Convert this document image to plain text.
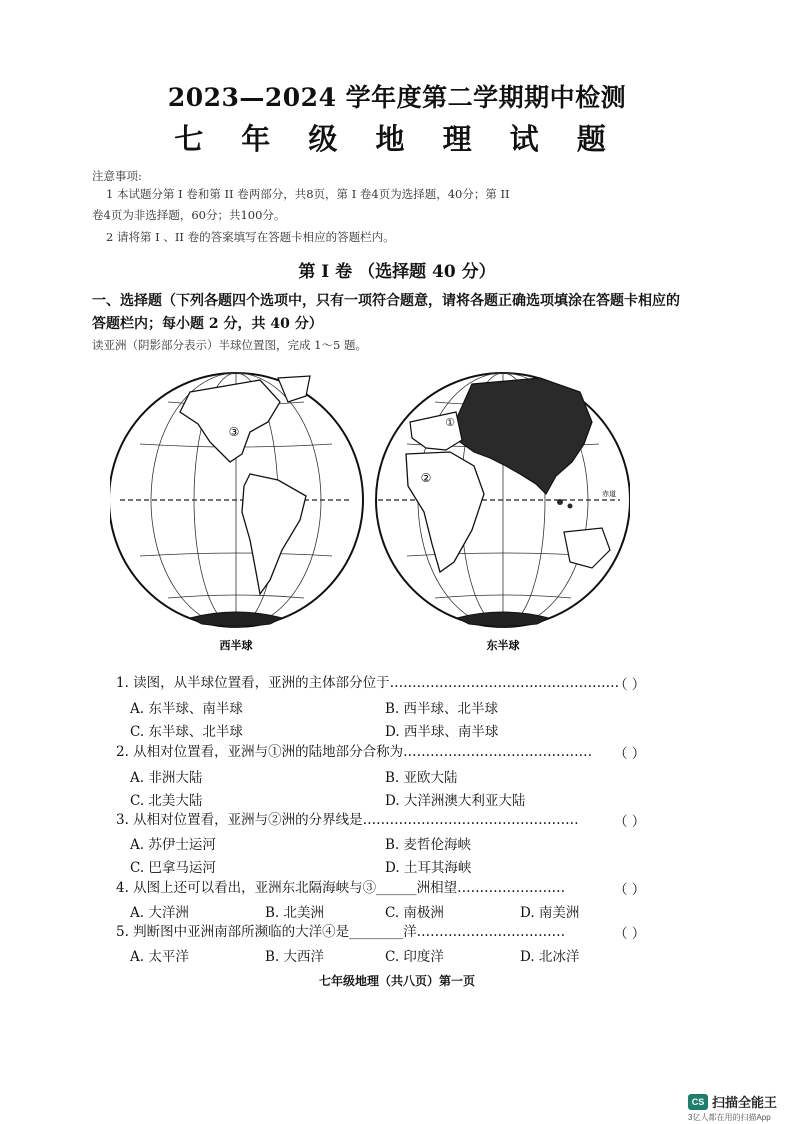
2023—2024 学年度第二学期期中检测
七 年 级 地 理 试 题
注意事项:
1 本试题分第 I 卷和第 II 卷两部分，共8页，第 I 卷4页为选择题，40分；第 II
卷4页为非选择题，60分；共100分。
2 请将第 I 、II 卷的答案填写在答题卡相应的答题栏内。
第 I 卷 （选择题 40 分）
一、选择题（下列各题四个选项中，只有一项符合题意，请将各题正确选项填涂在答题卡相应的答题栏内；每小题 2 分，共 40 分）
读亚洲（阴影部分表示）半球位置图，完成 1～5 题。
③
西半球
②
①
④
北回归线
赤道
东半球
1. 读图，从半球位置看，亚洲的主体部分位于……………………………………………
（ ）
A. 东半球、南半球	B. 西半球、北半球
C. 东半球、北半球	D. 西半球、南半球
2. 从相对位置看，亚洲与①洲的陆地部分合称为…………………………………… （ ）
A. 非洲大陆	B. 亚欧大陆
C. 北美大陆	D. 大洋洲澳大利亚大陆
3. 从相对位置看，亚洲与②洲的分界线是…………………………………………	（ ）
A. 苏伊士运河	B. 麦哲伦海峡
C. 巴拿马运河	D. 土耳其海峡
4. 从图上还可以看出，亚洲东北隔海峡与③______洲相望……………………	（ ）
A. 大洋洲	B. 北美洲	C. 南极洲	D. 南美洲
5. 判断图中亚洲南部所濒临的大洋④是________洋……………………………	（ ）
A. 太平洋	B. 大西洋	C. 印度洋	D. 北冰洋
七年级地理（共八页）第一页
CS 扫描全能王
3亿人都在用的扫描App
